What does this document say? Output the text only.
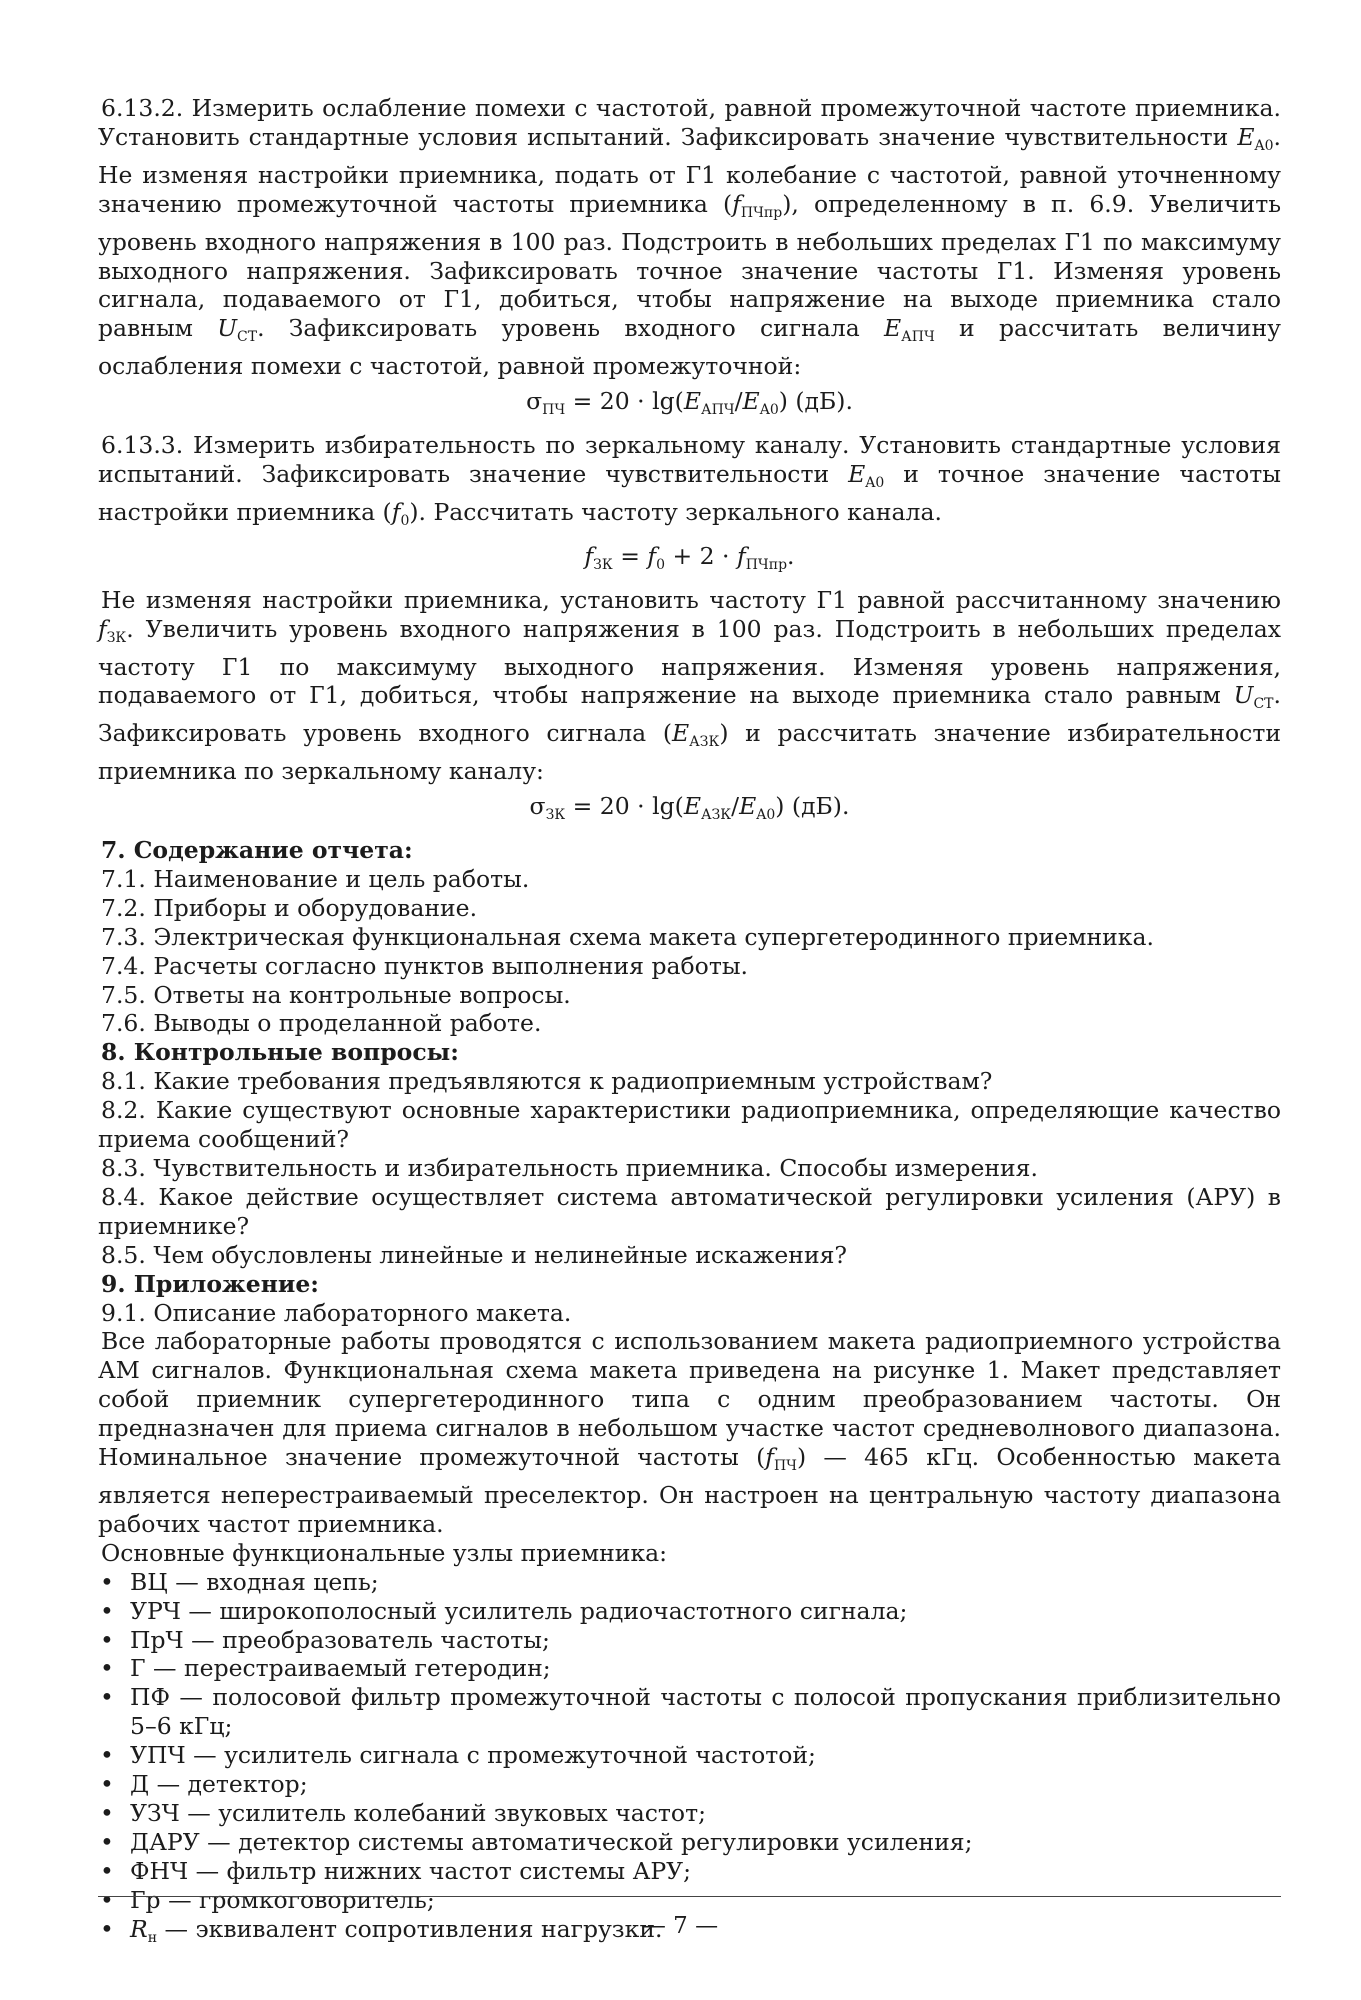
6.13.2. Измерить ослабление помехи с частотой, равной промежуточной частоте приемника. Установить стандартные условия испытаний. Зафиксировать значение чувствительности $E_{A0}$. Не изменяя настройки приемника, подать от Г1 колебание с частотой, равной уточненному значению промежуточной частоты приемника $(f_{ПЧпр})$, определенному в п. 6.9. Увеличить уровень входного напряжения в 100 раз. Подстроить в небольших пределах Г1 по максимуму выходного напряжения. Зафиксировать точное значение частоты Г1. Изменяя уровень сигнала, подаваемого от Г1, добиться, чтобы напряжение на выходе приемника стало равным $U_{СТ}$. Зафиксировать уровень входного сигнала $E_{АПЧ}$ и рассчитать величину ослабления помехи с частотой, равной промежуточной:

$\sigma_{ПЧ} = 20 \cdot \lg(E_{АПЧ}/E_{A0})$ (дБ).

6.13.3. Измерить избирательность по зеркальному каналу. Установить стандартные условия испытаний. Зафиксировать значение чувствительности $E_{A0}$ и точное значение частоты настройки приемника $(f_0)$. Рассчитать частоту зеркального канала.

$f_{ЗК} = f_0 + 2 \cdot f_{ПЧпр}$.

Не изменяя настройки приемника, установить частоту Г1 равной рассчитанному значению $f_{ЗК}$. Увеличить уровень входного напряжения в 100 раз. Подстроить в небольших пределах частоту Г1 по максимуму выходного напряжения. Изменяя уровень напряжения, подаваемого от Г1, добиться, чтобы напряжение на выходе приемника стало равным $U_{СТ}$. Зафиксировать уровень входного сигнала $(E_{АЗК})$ и рассчитать значение избирательности приемника по зеркальному каналу:

$\sigma_{ЗК} = 20 \cdot \lg(E_{АЗК}/E_{A0})$ (дБ).

7. Содержание отчета:

7.1. Наименование и цель работы.

7.2. Приборы и оборудование.

7.3. Электрическая функциональная схема макета супергетеродинного приемника.

7.4. Расчеты согласно пунктов выполнения работы.

7.5. Ответы на контрольные вопросы.

7.6. Выводы о проделанной работе.

8. Контрольные вопросы:

8.1. Какие требования предъявляются к радиоприемным устройствам?

8.2. Какие существуют основные характеристики радиоприемника, определяющие качество приема сообщений?

8.3. Чувствительность и избирательность приемника. Способы измерения.

8.4. Какое действие осуществляет система автоматической регулировки усиления (АРУ) в приемнике?

8.5. Чем обусловлены линейные и нелинейные искажения?

9. Приложение:

9.1. Описание лабораторного макета.

Все лабораторные работы проводятся с использованием макета радиоприемного устройства АМ сигналов. Функциональная схема макета приведена на рисунке 1. Макет представляет собой приемник супергетеродинного типа с одним преобразованием частоты. Он предназначен для приема сигналов в небольшом участке частот средневолнового диапазона. Номинальное значение промежуточной частоты $(f_{ПЧ})$ — 465 кГц. Особенностью макета является неперестраиваемый преселектор. Он настроен на центральную частоту диапазона рабочих частот приемника.

Основные функциональные узлы приемника:

• ВЦ — входная цепь;
• УРЧ — широкополосный усилитель радиочастотного сигнала;
• ПрЧ — преобразователь частоты;
• Г — перестраиваемый гетеродин;
• ПФ — полосовой фильтр промежуточной частоты с полосой пропускания приблизительно 5–6 кГц;
• УПЧ — усилитель сигнала с промежуточной частотой;
• Д — детектор;
• УЗЧ — усилитель колебаний звуковых частот;
• ДАРУ — детектор системы автоматической регулировки усиления;
• ФНЧ — фильтр нижних частот системы АРУ;
• Гр — громкоговоритель;
• $R_н$ — эквивалент сопротивления нагрузки.
— 7 —
